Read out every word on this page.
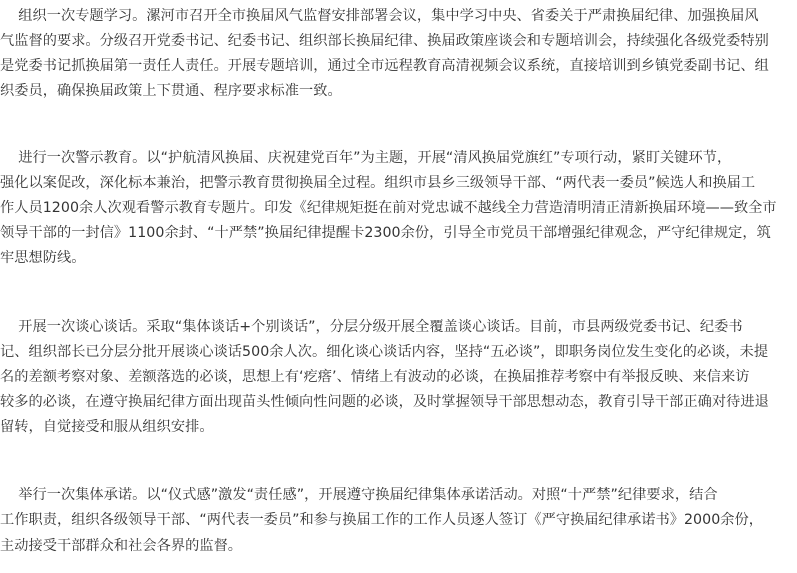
组织一次专题学习。漯河市召开全市换届风气监督安排部署会议，集中学习中央、省委关于严肃换届纪律、加强换届风
气监督的要求。分级召开党委书记、纪委书记、组织部长换届纪律、换届政策座谈会和专题培训会，持续强化各级党委特别
是党委书记抓换届第一责任人责任。开展专题培训，通过全市远程教育高清视频会议系统，直接培训到乡镇党委副书记、组
织委员，确保换届政策上下贯通、程序要求标准一致。
进行一次警示教育。以“护航清风换届、庆祝建党百年”为主题，开展“清风换届党旗红”专项行动，紧盯关键环节，
强化以案促改，深化标本兼治，把警示教育贯彻换届全过程。组织市县乡三级领导干部、“两代表一委员”候选人和换届工
作人员1200余人次观看警示教育专题片。印发《纪律规矩挺在前对党忠诚不越线全力营造清明清正清新换届环境——致全市
领导干部的一封信》1100余封、“十严禁”换届纪律提醒卡2300余份，引导全市党员干部增强纪律观念，严守纪律规定，筑
牢思想防线。
开展一次谈心谈话。采取“集体谈话+个别谈话”，分层分级开展全覆盖谈心谈话。目前，市县两级党委书记、纪委书
记、组织部长已分层分批开展谈心谈话500余人次。细化谈心谈话内容，坚持“五必谈”，即职务岗位发生变化的必谈，未提
名的差额考察对象、差额落选的必谈，思想上有‘疙瘩’、情绪上有波动的必谈，在换届推荐考察中有举报反映、来信来访
较多的必谈，在遵守换届纪律方面出现苗头性倾向性问题的必谈，及时掌握领导干部思想动态，教育引导干部正确对待进退
留转，自觉接受和服从组织安排。
举行一次集体承诺。以“仪式感”激发“责任感”，开展遵守换届纪律集体承诺活动。对照“十严禁”纪律要求，结合
工作职责，组织各级领导干部、“两代表一委员”和参与换届工作的工作人员逐人签订《严守换届纪律承诺书》2000余份，
主动接受干部群众和社会各界的监督。
